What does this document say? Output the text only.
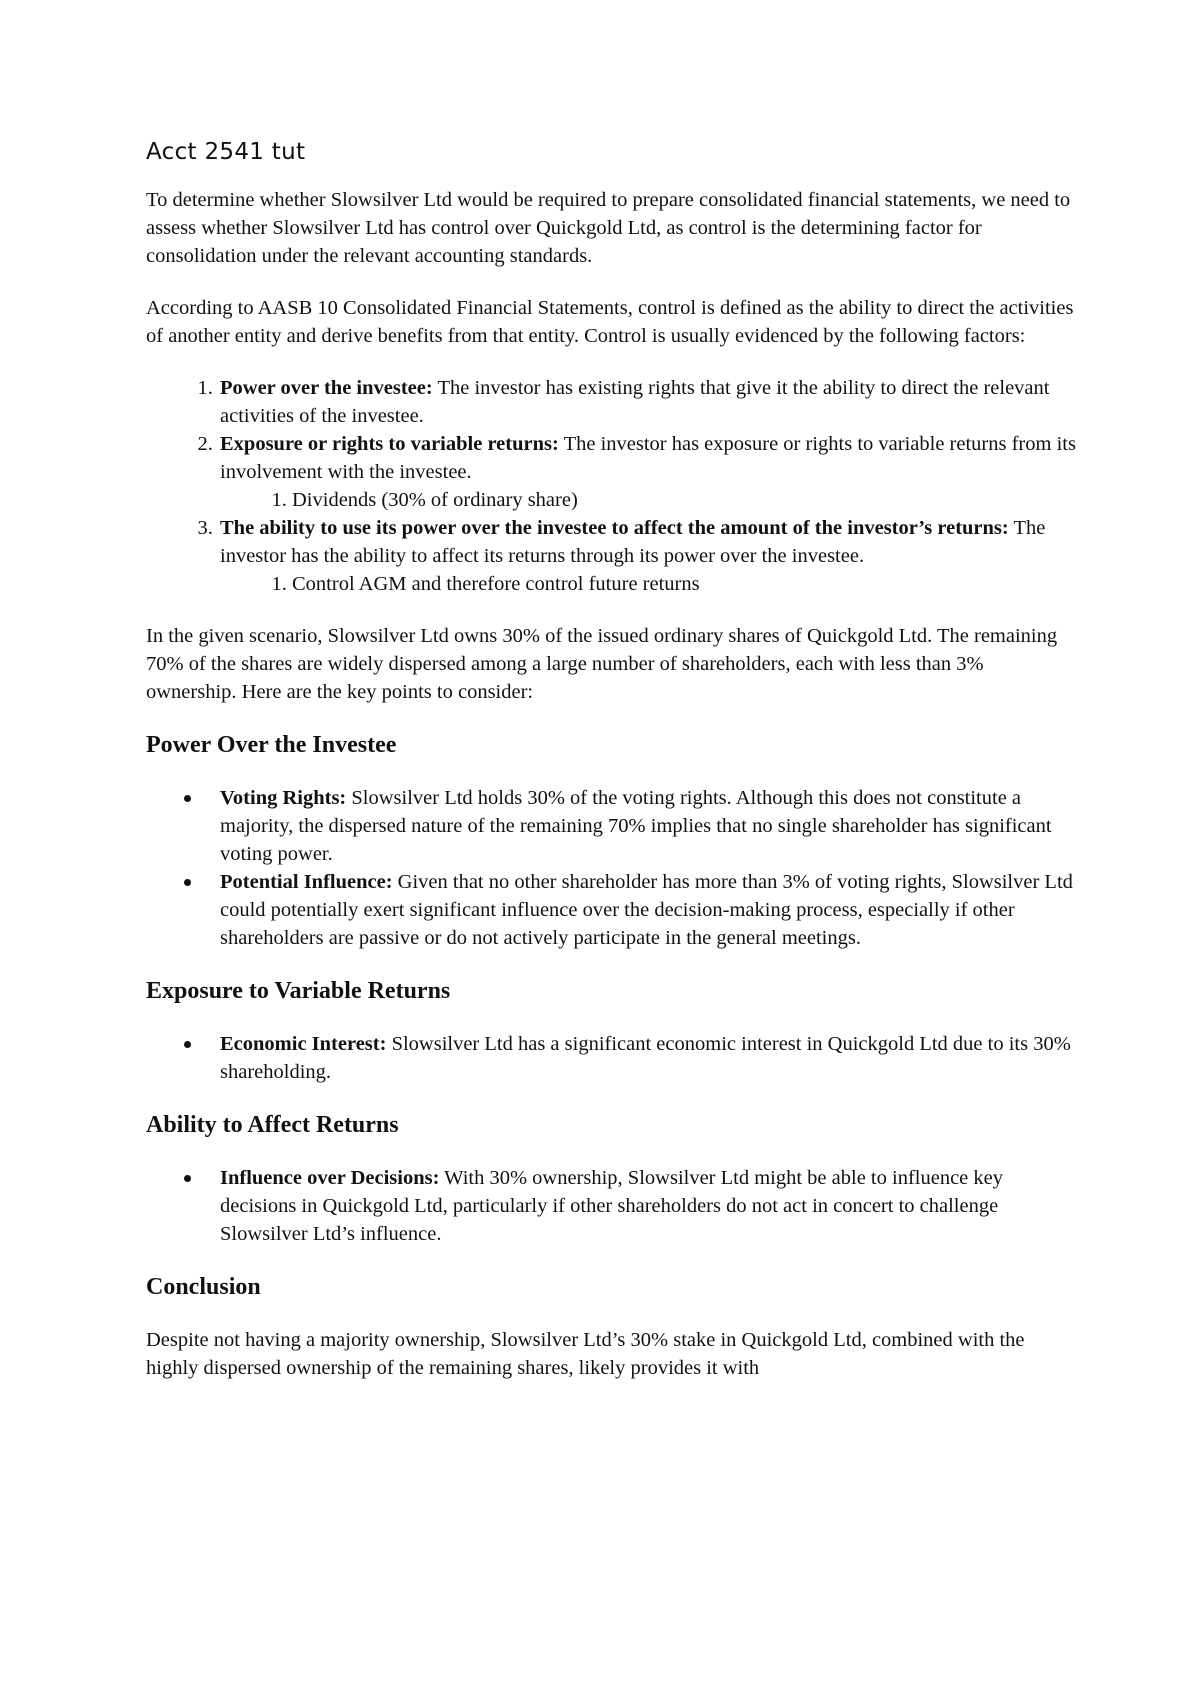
Acct 2541 tut

To determine whether Slowsilver Ltd would be required to prepare consolidated financial statements, we need to assess whether Slowsilver Ltd has control over Quickgold Ltd, as control is the determining factor for consolidation under the relevant accounting standards.

According to AASB 10 Consolidated Financial Statements, control is defined as the ability to direct the activities of another entity and derive benefits from that entity. Control is usually evidenced by the following factors:

1. Power over the investee: The investor has existing rights that give it the ability to direct the relevant activities of the investee.
2. Exposure or rights to variable returns: The investor has exposure or rights to variable returns from its involvement with the investee.
1. Dividends (30% of ordinary share)
3. The ability to use its power over the investee to affect the amount of the investor’s returns: The investor has the ability to affect its returns through its power over the investee.
1. Control AGM and therefore control future returns

In the given scenario, Slowsilver Ltd owns 30% of the issued ordinary shares of Quickgold Ltd. The remaining 70% of the shares are widely dispersed among a large number of shareholders, each with less than 3% ownership. Here are the key points to consider:

Power Over the Investee
Voting Rights: Slowsilver Ltd holds 30% of the voting rights. Although this does not constitute a majority, the dispersed nature of the remaining 70% implies that no single shareholder has significant voting power.
Potential Influence: Given that no other shareholder has more than 3% of voting rights, Slowsilver Ltd could potentially exert significant influence over the decision-making process, especially if other shareholders are passive or do not actively participate in the general meetings.
Exposure to Variable Returns
Economic Interest: Slowsilver Ltd has a significant economic interest in Quickgold Ltd due to its 30% shareholding.
Ability to Affect Returns
Influence over Decisions: With 30% ownership, Slowsilver Ltd might be able to influence key decisions in Quickgold Ltd, particularly if other shareholders do not act in concert to challenge Slowsilver Ltd’s influence.
Conclusion

Despite not having a majority ownership, Slowsilver Ltd’s 30% stake in Quickgold Ltd, combined with the highly dispersed ownership of the remaining shares, likely provides it with
